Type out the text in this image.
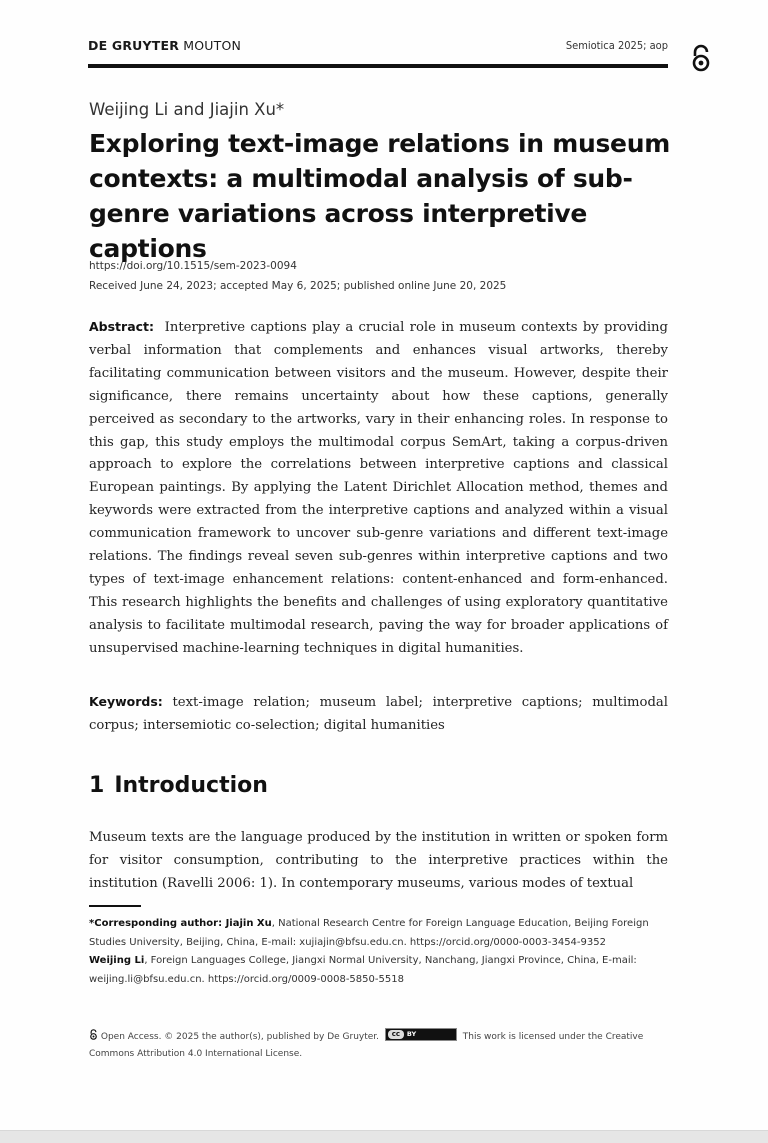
DE GRUYTER MOUTON	Semiotica 2025; aop
Weijing Li and Jiajin Xu*
Exploring text-image relations in museum contexts: a multimodal analysis of sub-genre variations across interpretive captions
https://doi.org/10.1515/sem-2023-0094
Received June 24, 2023; accepted May 6, 2025; published online June 20, 2025
Abstract: Interpretive captions play a crucial role in museum contexts by providing verbal information that complements and enhances visual artworks, thereby facilitating communication between visitors and the museum. However, despite their significance, there remains uncertainty about how these captions, generally perceived as secondary to the artworks, vary in their enhancing roles. In response to this gap, this study employs the multimodal corpus SemArt, taking a corpus-driven approach to explore the correlations between interpretive captions and classical European paintings. By applying the Latent Dirichlet Allocation method, themes and keywords were extracted from the interpretive captions and analyzed within a visual communication framework to uncover sub-genre variations and different text-image relations. The findings reveal seven sub-genres within interpretive captions and two types of text-image enhancement relations: content-enhanced and form-enhanced. This research highlights the benefits and challenges of using exploratory quantitative analysis to facilitate multimodal research, paving the way for broader applications of unsupervised machine-learning techniques in digital humanities.
Keywords: text-image relation; museum label; interpretive captions; multimodal corpus; intersemiotic co-selection; digital humanities
1 Introduction
Museum texts are the language produced by the institution in written or spoken form for visitor consumption, contributing to the interpretive practices within the institution (Ravelli 2006: 1). In contemporary museums, various modes of textual
*Corresponding author: Jiajin Xu, National Research Centre for Foreign Language Education, Beijing Foreign Studies University, Beijing, China, E-mail: xujiajin@bfsu.edu.cn. https://orcid.org/0000-0003-3454-9352
Weijing Li, Foreign Languages College, Jiangxi Normal University, Nanchang, Jiangxi Province, China, E-mail: weijing.li@bfsu.edu.cn. https://orcid.org/0009-0008-5850-5518
Open Access. © 2025 the author(s), published by De Gruyter.	cc	BY	This work is licensed under the Creative Commons Attribution 4.0 International License.
